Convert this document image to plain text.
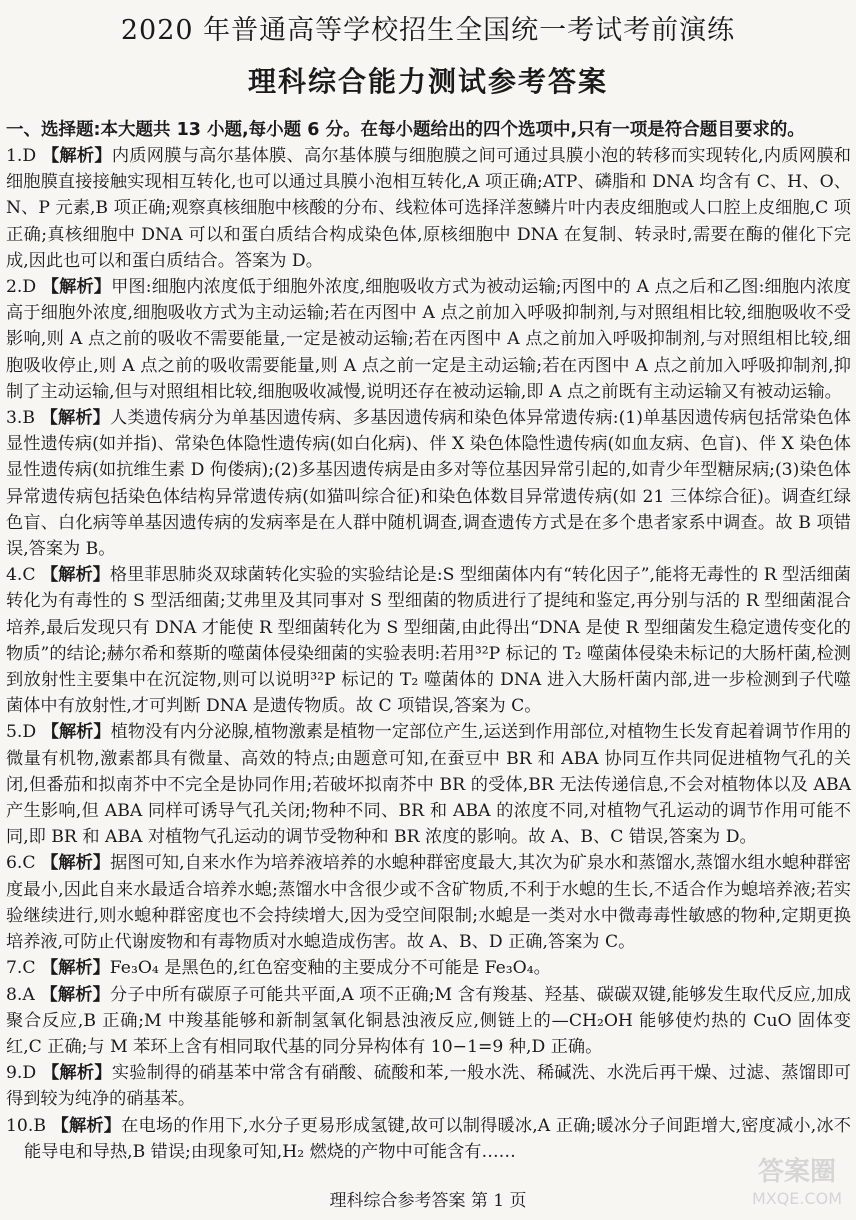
2020 年普通高等学校招生全国统一考试考前演练
理科综合能力测试参考答案
一、选择题:本大题共 13 小题,每小题 6 分。在每小题给出的四个选项中,只有一项是符合题目要求的。

1.D 【解析】内质网膜与高尔基体膜、高尔基体膜与细胞膜之间可通过具膜小泡的转移而实现转化,内质网膜和细胞膜直接接触实现相互转化,也可以通过具膜小泡相互转化,A 项正确;ATP、磷脂和 DNA 均含有 C、H、O、N、P 元素,B 项正确;观察真核细胞中核酸的分布、线粒体可选择洋葱鳞片叶内表皮细胞或人口腔上皮细胞,C 项正确;真核细胞中 DNA 可以和蛋白质结合构成染色体,原核细胞中 DNA 在复制、转录时,需要在酶的催化下完成,因此也可以和蛋白质结合。答案为 D。

2.D 【解析】甲图:细胞内浓度低于细胞外浓度,细胞吸收方式为被动运输;丙图中的 A 点之后和乙图:细胞内浓度高于细胞外浓度,细胞吸收方式为主动运输;若在丙图中 A 点之前加入呼吸抑制剂,与对照组相比较,细胞吸收不受影响,则 A 点之前的吸收不需要能量,一定是被动运输;若在丙图中 A 点之前加入呼吸抑制剂,与对照组相比较,细胞吸收停止,则 A 点之前的吸收需要能量,则 A 点之前一定是主动运输;若在丙图中 A 点之前加入呼吸抑制剂,抑制了主动运输,但与对照组相比较,细胞吸收减慢,说明还存在被动运输,即 A 点之前既有主动运输又有被动运输。

3.B 【解析】人类遗传病分为单基因遗传病、多基因遗传病和染色体异常遗传病:(1)单基因遗传病包括常染色体显性遗传病(如并指)、常染色体隐性遗传病(如白化病)、伴 X 染色体隐性遗传病(如血友病、色盲)、伴 X 染色体显性遗传病(如抗维生素 D 佝偻病);(2)多基因遗传病是由多对等位基因异常引起的,如青少年型糖尿病;(3)染色体异常遗传病包括染色体结构异常遗传病(如猫叫综合征)和染色体数目异常遗传病(如 21 三体综合征)。调查红绿色盲、白化病等单基因遗传病的发病率是在人群中随机调查,调查遗传方式是在多个患者家系中调查。故 B 项错误,答案为 B。

4.C 【解析】格里菲思肺炎双球菌转化实验的实验结论是:S 型细菌体内有“转化因子”,能将无毒性的 R 型活细菌转化为有毒性的 S 型活细菌;艾弗里及其同事对 S 型细菌的物质进行了提纯和鉴定,再分别与活的 R 型细菌混合培养,最后发现只有 DNA 才能使 R 型细菌转化为 S 型细菌,由此得出“DNA 是使 R 型细菌发生稳定遗传变化的物质”的结论;赫尔希和蔡斯的噬菌体侵染细菌的实验表明:若用³²P 标记的 T₂ 噬菌体侵染未标记的大肠杆菌,检测到放射性主要集中在沉淀物,则可以说明³²P 标记的 T₂ 噬菌体的 DNA 进入大肠杆菌内部,进一步检测到子代噬菌体中有放射性,才可判断 DNA 是遗传物质。故 C 项错误,答案为 C。

5.D 【解析】植物没有内分泌腺,植物激素是植物一定部位产生,运送到作用部位,对植物生长发育起着调节作用的微量有机物,激素都具有微量、高效的特点;由题意可知,在蚕豆中 BR 和 ABA 协同互作共同促进植物气孔的关闭,但番茄和拟南芥中不完全是协同作用;若破坏拟南芥中 BR 的受体,BR 无法传递信息,不会对植物体以及 ABA 产生影响,但 ABA 同样可诱导气孔关闭;物种不同、BR 和 ABA 的浓度不同,对植物气孔运动的调节作用可能不同,即 BR 和 ABA 对植物气孔运动的调节受物种和 BR 浓度的影响。故 A、B、C 错误,答案为 D。

6.C 【解析】据图可知,自来水作为培养液培养的水螅种群密度最大,其次为矿泉水和蒸馏水,蒸馏水组水螅种群密度最小,因此自来水最适合培养水螅;蒸馏水中含很少或不含矿物质,不利于水螅的生长,不适合作为螅培养液;若实验继续进行,则水螅种群密度也不会持续增大,因为受空间限制;水螅是一类对水中微毒毒性敏感的物种,定期更换培养液,可防止代谢废物和有毒物质对水螅造成伤害。故 A、B、D 正确,答案为 C。

7.C 【解析】Fe₃O₄ 是黑色的,红色窑变釉的主要成分不可能是 Fe₃O₄。

8.A 【解析】分子中所有碳原子可能共平面,A 项不正确;M 含有羧基、羟基、碳碳双键,能够发生取代反应,加成聚合反应,B 正确;M 中羧基能够和新制氢氧化铜悬浊液反应,侧链上的—CH₂OH 能够使灼热的 CuO 固体变红,C 正确;与 M 苯环上含有相同取代基的同分异构体有 10−1=9 种,D 正确。

9.D 【解析】实验制得的硝基苯中常含有硝酸、硫酸和苯,一般水洗、稀碱洗、水洗后再干燥、过滤、蒸馏即可得到较为纯净的硝基苯。

10.B 【解析】在电场的作用下,水分子更易形成氢键,故可以制得暖冰,A 正确;暖冰分子间距增大,密度减小,冰不能导电和导热,B 错误;由现象可知,H₂ 燃烧的产物中可能含有……

理科综合参考答案 第 1 页
答案圈
MXQE.COM
